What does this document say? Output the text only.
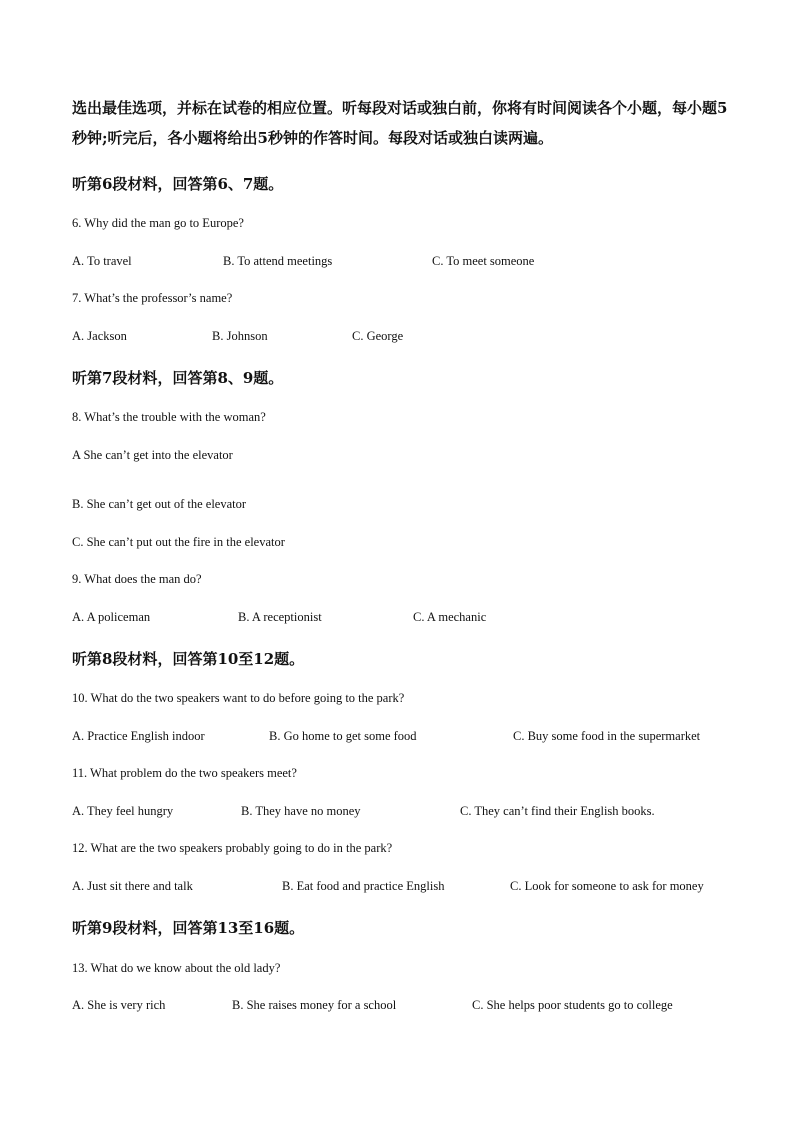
选出最佳选项，并标在试卷的相应位置。听每段对话或独白前，你将有时间阅读各个小题，每小题5秒钟;听完后，各小题将给出5秒钟的作答时间。每段对话或独白读两遍。
听第6段材料，回答第6、7题。
6. Why did the man go to Europe?
A. To travel	B. To attend meetings	C. To meet someone
7. What’s the professor’s name?
A. Jackson	B. Johnson	C. George
听第7段材料，回答第8、9题。
8. What’s the trouble with the woman?
A She can’t get into the elevator
B. She can’t get out of the elevator
C. She can’t put out the fire in the elevator
9. What does the man do?
A. A policeman	B. A receptionist	C. A mechanic
听第8段材料，回答第10至12题。
10. What do the two speakers want to do before going to the park?
A. Practice English indoor	B. Go home to get some food	C. Buy some food in the supermarket
11. What problem do the two speakers meet?
A. They feel hungry	B. They have no money	C. They can’t find their English books.
12. What are the two speakers probably going to do in the park?
A. Just sit there and talk	B. Eat food and practice English	C. Look for someone to ask for money
听第9段材料，回答第13至16题。
13. What do we know about the old lady?
A. She is very rich	B. She raises money for a school	C. She helps poor students go to college
